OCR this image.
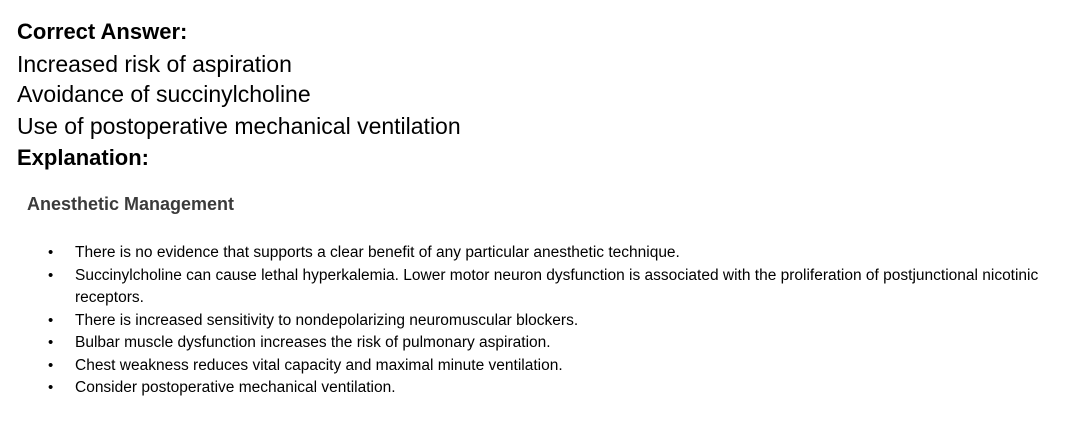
Correct Answer:
Increased risk of aspiration
Avoidance of succinylcholine
Use of postoperative mechanical ventilation
Explanation:
Anesthetic Management
• There is no evidence that supports a clear benefit of any particular anesthetic technique.
• Succinylcholine can cause lethal hyperkalemia. Lower motor neuron dysfunction is associated with the proliferation of postjunctional nicotinic receptors.
• There is increased sensitivity to nondepolarizing neuromuscular blockers.
• Bulbar muscle dysfunction increases the risk of pulmonary aspiration.
• Chest weakness reduces vital capacity and maximal minute ventilation.
• Consider postoperative mechanical ventilation.
